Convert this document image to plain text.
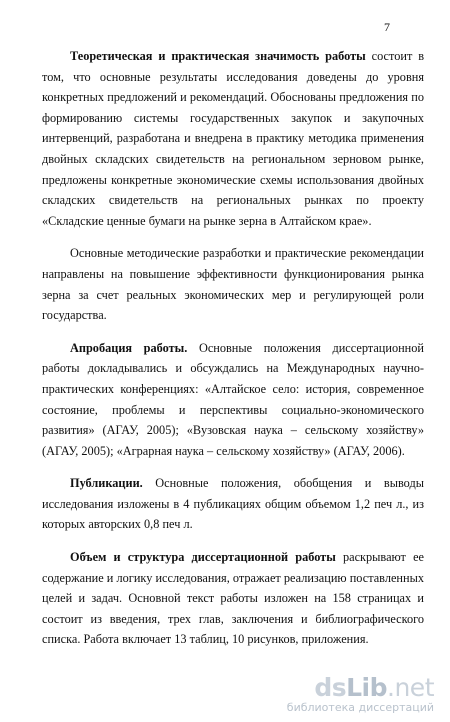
7

Теоретическая и практическая значимость работы состоит в том, что основные результаты исследования доведены до уровня конкретных предложений и рекомендаций. Обоснованы предложения по формированию системы государственных закупок и закупочных интервенций, разработана и внедрена в практику методика применения двойных складских свидетельств на региональном зерновом рынке, предложены конкретные экономические схемы использования двойных складских свидетельств на региональных рынках по проекту «Складские ценные бумаги на рынке зерна в Алтайском крае».

Основные методические разработки и практические рекомендации направлены на повышение эффективности функционирования рынка зерна за счет реальных экономических мер и регулирующей роли государства.

Апробация работы. Основные положения диссертационной работы докладывались и обсуждались на Международных научно-практических конференциях: «Алтайское село: история, современное состояние, проблемы и перспективы социально-экономического развития» (АГАУ, 2005); «Вузовская наука – сельскому хозяйству» (АГАУ, 2005); «Аграрная наука – сельскому хозяйству» (АГАУ, 2006).

Публикации. Основные положения, обобщения и выводы исследования изложены в 4 публикациях общим объемом 1,2 печ л., из которых авторских 0,8 печ л.

Объем и структура диссертационной работы раскрывают ее содержание и логику исследования, отражает реализацию поставленных целей и задач. Основной текст работы изложен на 158 страницах и состоит из введения, трех глав, заключения и библиографического списка. Работа включает 13 таблиц, 10 рисунков, приложения.

dsLib.net
библиотека диссертаций
